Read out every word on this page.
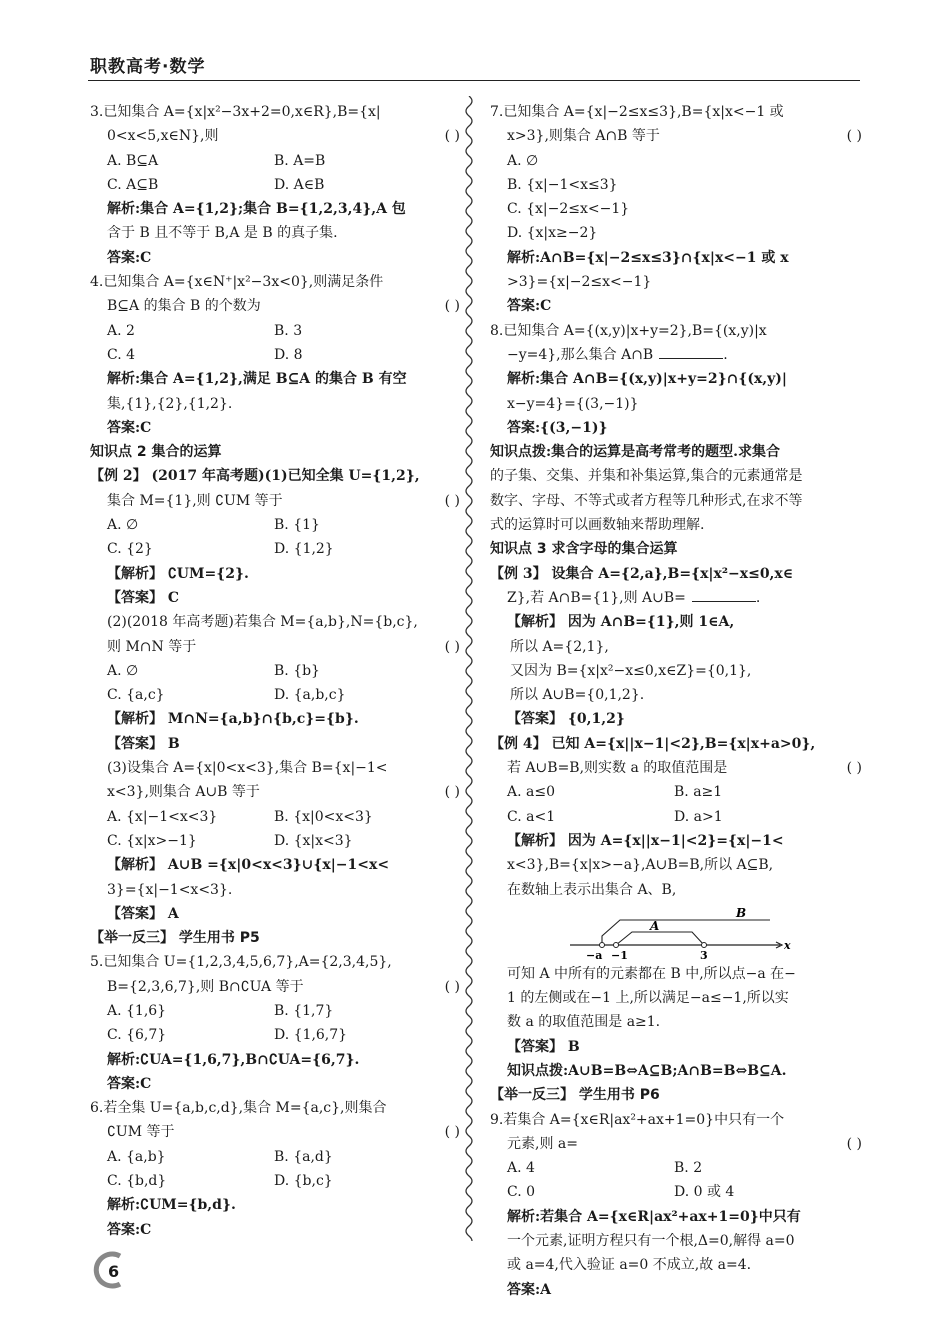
职教高考·数学
3.已知集合 A={x|x²−3x+2=0,x∈R},B={x|
0<x<5,x∈N},则	( )
A. B⊆A	B. A=B
C. A⊆B	D. A∈B
解析:集合 A={1,2};集合 B={1,2,3,4},A 包
含于 B 且不等于 B,A 是 B 的真子集.
答案:C
4.已知集合 A={x∈N⁺|x²−3x<0},则满足条件
B⊆A 的集合 B 的个数为	( )
A. 2	B. 3
C. 4	D. 8
解析:集合 A={1,2},满足 B⊆A 的集合 B 有空
集,{1},{2},{1,2}.
答案:C
知识点 2 集合的运算
【例 2】 (2017 年高考题)(1)已知全集 U={1,2},
集合 M={1},则 ∁UM 等于	( )
A. ∅	B. {1}
C. {2}	D. {1,2}
【解析】 ∁UM={2}.
【答案】 C
(2)(2018 年高考题)若集合 M={a,b},N={b,c},
则 M∩N 等于	( )
A. ∅	B. {b}
C. {a,c}	D. {a,b,c}
【解析】 M∩N={a,b}∩{b,c}={b}.
【答案】 B
(3)设集合 A={x|0<x<3},集合 B={x|−1<
x<3},则集合 A∪B 等于	( )
A. {x|−1<x<3}	B. {x|0<x<3}
C. {x|x>−1}	D. {x|x<3}
【解析】 A∪B ={x|0<x<3}∪{x|−1<x<
3}={x|−1<x<3}.
【答案】 A
【举一反三】 学生用书 P5
5.已知集合 U={1,2,3,4,5,6,7},A={2,3,4,5},
B={2,3,6,7},则 B∩∁UA 等于	( )
A. {1,6}	B. {1,7}
C. {6,7}	D. {1,6,7}
解析:∁UA={1,6,7},B∩∁UA={6,7}.
答案:C
6.若全集 U={a,b,c,d},集合 M={a,c},则集合
∁UM 等于	( )
A. {a,b}	B. {a,d}
C. {b,d}	D. {b,c}
解析:∁UM={b,d}.
答案:C
7.已知集合 A={x|−2≤x≤3},B={x|x<−1 或
x>3},则集合 A∩B 等于	( )
A. ∅
B. {x|−1<x≤3}
C. {x|−2≤x<−1}
D. {x|x≥−2}
解析:A∩B={x|−2≤x≤3}∩{x|x<−1 或 x
>3}={x|−2≤x<−1}
答案:C
8.已知集合 A={(x,y)|x+y=2},B={(x,y)|x
−y=4},那么集合 A∩B	.
解析:集合 A∩B={(x,y)|x+y=2}∩{(x,y)|
x−y=4}={(3,−1)}
答案:{(3,−1)}
知识点拨:集合的运算是高考常考的题型.求集合
的子集、交集、并集和补集运算,集合的元素通常是
数字、字母、不等式或者方程等几种形式,在求不等
式的运算时可以画数轴来帮助理解.
知识点 3 求含字母的集合运算
【例 3】 设集合 A={2,a},B={x|x²−x≤0,x∈
Z},若 A∩B={1},则 A∪B=	.
【解析】 因为 A∩B={1},则 1∈A,
所以 A={2,1},
又因为 B={x|x²−x≤0,x∈Z}={0,1},
所以 A∪B={0,1,2}.
【答案】 {0,1,2}
【例 4】 已知 A={x||x−1|<2},B={x|x+a>0},
若 A∪B=B,则实数 a 的取值范围是	( )
A. a≤0	B. a≥1
C. a<1	D. a>1
【解析】 因为 A={x||x−1|<2}={x|−1<
x<3},B={x|x>−a},A∪B=B,所以 A⊆B,
在数轴上表示出集合 A、B,
B
A
−a −1	3
x
可知 A 中所有的元素都在 B 中,所以点−a 在−
1 的左侧或在−1 上,所以满足−a≤−1,所以实
数 a 的取值范围是 a≥1.
【答案】 B
知识点拨:A∪B=B⇔A⊆B;A∩B=B⇔B⊆A.
【举一反三】 学生用书 P6
9.若集合 A={x∈R|ax²+ax+1=0}中只有一个
元素,则 a=	( )
A. 4	B. 2
C. 0	D. 0 或 4
解析:若集合 A={x∈R|ax²+ax+1=0}中只有
一个元素,证明方程只有一个根,Δ=0,解得 a=0
或 a=4,代入验证 a=0 不成立,故 a=4.
答案:A
6
